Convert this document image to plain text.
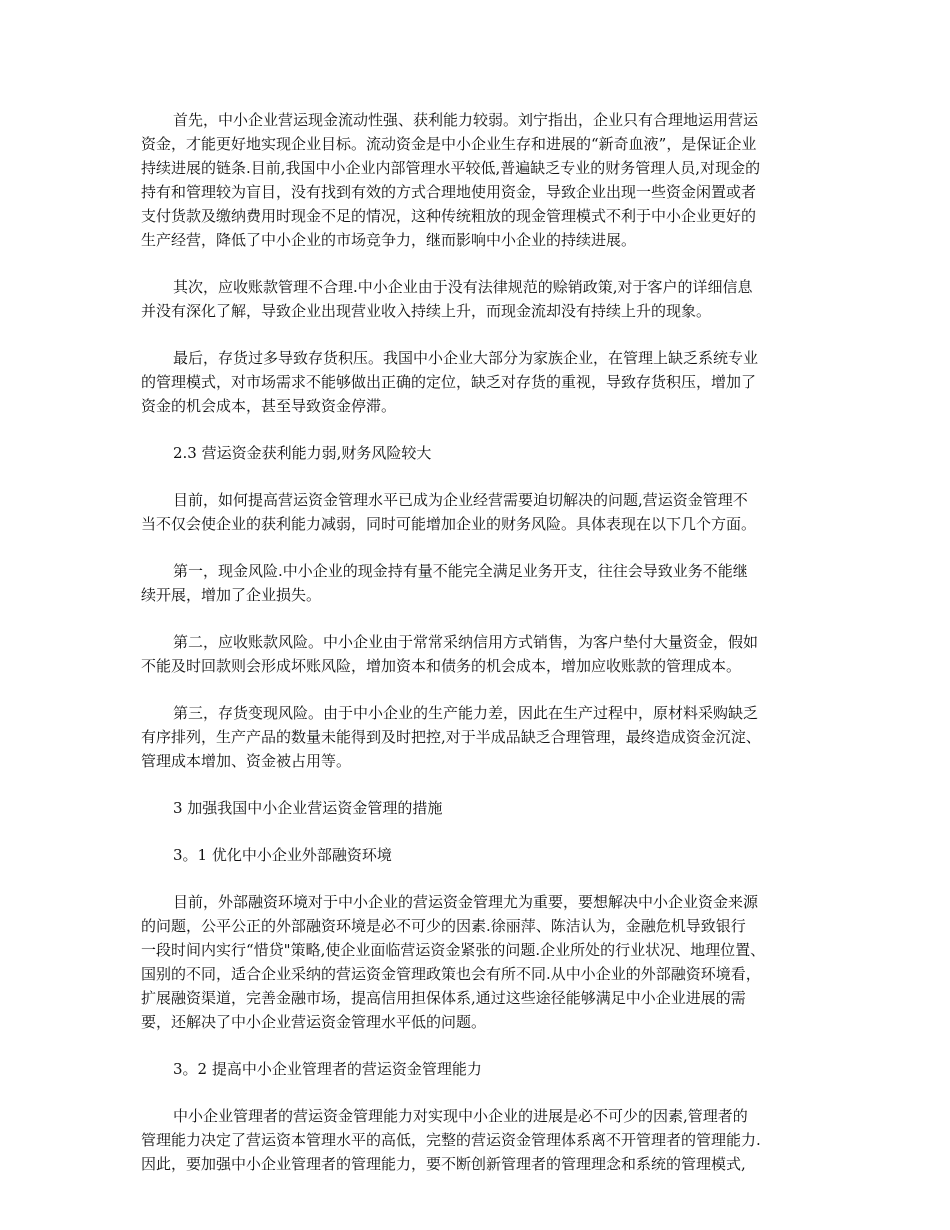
首先，中小企业营运现金流动性强、获利能力较弱。刘宁指出，企业只有合理地运用营运
资金，才能更好地实现企业目标。流动资金是中小企业生存和进展的“新奇血液”，是保证企业
持续进展的链条.目前,我国中小企业内部管理水平较低,普遍缺乏专业的财务管理人员,对现金的
持有和管理较为盲目，没有找到有效的方式合理地使用资金，导致企业出现一些资金闲置或者
支付货款及缴纳费用时现金不足的情况，这种传统粗放的现金管理模式不利于中小企业更好的
生产经营，降低了中小企业的市场竞争力，继而影响中小企业的持续进展。
其次，应收账款管理不合理.中小企业由于没有法律规范的赊销政策,对于客户的详细信息
并没有深化了解，导致企业出现营业收入持续上升，而现金流却没有持续上升的现象。
最后，存货过多导致存货积压。我国中小企业大部分为家族企业，在管理上缺乏系统专业
的管理模式，对市场需求不能够做出正确的定位，缺乏对存货的重视，导致存货积压，增加了
资金的机会成本，甚至导致资金停滞。
2.3 营运资金获利能力弱,财务风险较大
目前，如何提高营运资金管理水平已成为企业经营需要迫切解决的问题,营运资金管理不
当不仅会使企业的获利能力减弱，同时可能增加企业的财务风险。具体表现在以下几个方面。
第一，现金风险.中小企业的现金持有量不能完全满足业务开支，往往会导致业务不能继
续开展，增加了企业损失。
第二，应收账款风险。中小企业由于常常采纳信用方式销售，为客户垫付大量资金，假如
不能及时回款则会形成坏账风险，增加资本和债务的机会成本，增加应收账款的管理成本。
第三，存货变现风险。由于中小企业的生产能力差，因此在生产过程中，原材料采购缺乏
有序排列，生产产品的数量未能得到及时把控,对于半成品缺乏合理管理，最终造成资金沉淀、
管理成本增加、资金被占用等。
3 加强我国中小企业营运资金管理的措施
3。1 优化中小企业外部融资环境
目前，外部融资环境对于中小企业的营运资金管理尤为重要，要想解决中小企业资金来源
的问题，公平公正的外部融资环境是必不可少的因素.徐丽萍、陈洁认为，金融危机导致银行
一段时间内实行“惜贷"策略,使企业面临营运资金紧张的问题.企业所处的行业状况、地理位置、
国别的不同，适合企业采纳的营运资金管理政策也会有所不同.从中小企业的外部融资环境看，
扩展融资渠道，完善金融市场，提高信用担保体系,通过这些途径能够满足中小企业进展的需
要，还解决了中小企业营运资金管理水平低的问题。
3。2 提高中小企业管理者的营运资金管理能力
中小企业管理者的营运资金管理能力对实现中小企业的进展是必不可少的因素,管理者的
管理能力决定了营运资本管理水平的高低，完整的营运资金管理体系离不开管理者的管理能力.
因此，要加强中小企业管理者的管理能力，要不断创新管理者的管理理念和系统的管理模式,
